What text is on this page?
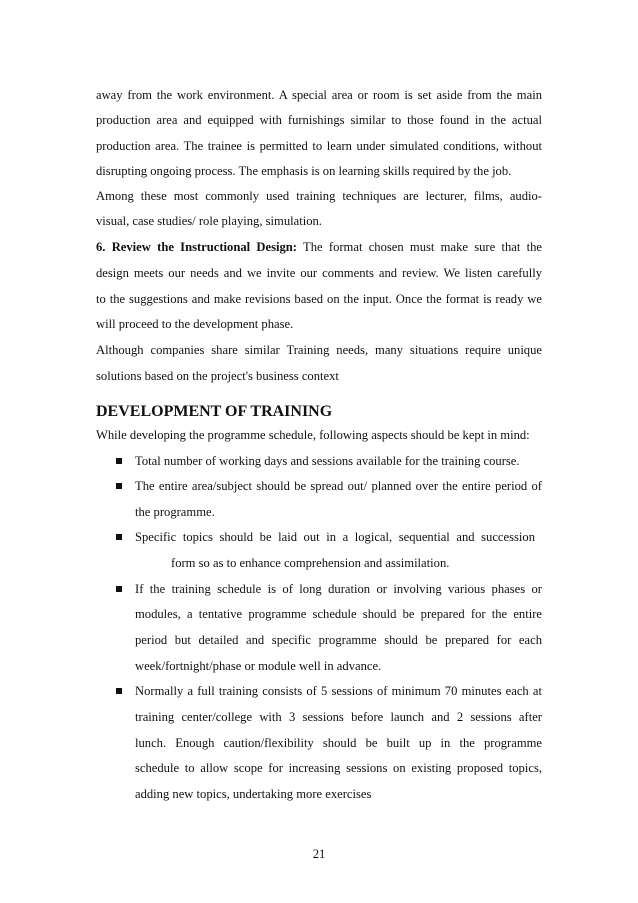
away from the work environment. A special area or room is set aside from the main
production area and equipped with furnishings similar to those found in the actual
production area. The trainee is permitted to learn under simulated conditions, without
disrupting ongoing process. The emphasis is on learning skills required by the job.
Among these most commonly used training techniques are lecturer, films, audio-
visual, case studies/ role playing, simulation.
6. Review the Instructional Design: The format chosen must make sure that the
design meets our needs and we invite our comments and review. We listen carefully
to the suggestions and make revisions based on the input. Once the format is ready we
will proceed to the development phase.
Although companies share similar Training needs, many situations require unique
solutions based on the project's business context
DEVELOPMENT OF TRAINING
While developing the programme schedule, following aspects should be kept in mind:
Total number of working days and sessions available for the training course.
The entire area/subject should be spread out/ planned over the entire period of
the programme.
Specific topics should be laid out in a logical, sequential and succession
form so as to enhance comprehension and assimilation.
If the training schedule is of long duration or involving various phases or
modules, a tentative programme schedule should be prepared for the entire
period but detailed and specific programme should be prepared for each
week/fortnight/phase or module well in advance.
Normally a full training consists of 5 sessions of minimum 70 minutes each at
training center/college with 3 sessions before launch and 2 sessions after
lunch. Enough caution/flexibility should be built up in the programme
schedule to allow scope for increasing sessions on existing proposed topics,
adding new topics, undertaking more exercises
21
